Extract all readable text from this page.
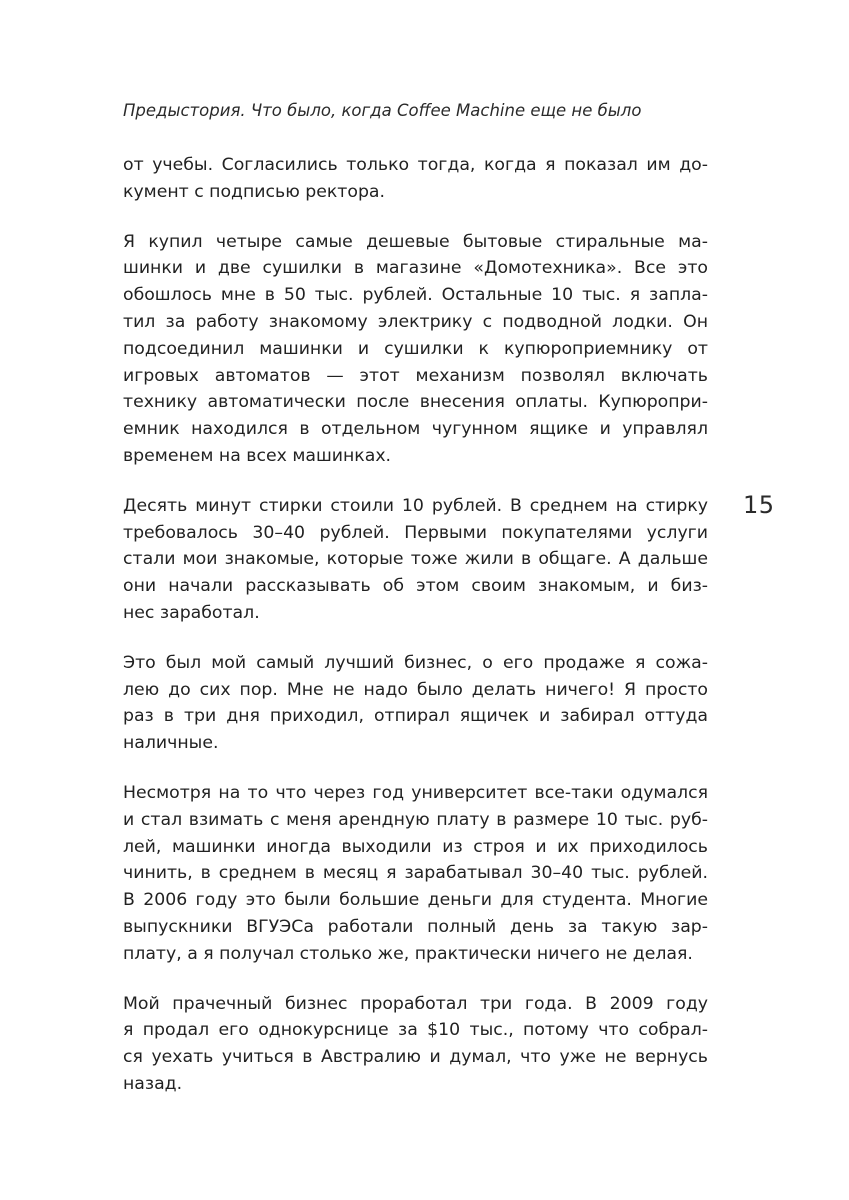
Предыстория. Что было, когда Coffee Machine еще не было

от учебы. Согласились только тогда, когда я показал им до-
кумент с подписью ректора.

Я купил четыре самые дешевые бытовые стиральные ма-
шинки и две сушилки в магазине «Домотехника». Все это
обошлось мне в 50 тыс. рублей. Остальные 10 тыс. я запла-
тил за работу знакомому электрику с подводной лодки. Он
подсоединил машинки и сушилки к купюроприемнику от
игровых автоматов — этот механизм позволял включать
технику автоматически после внесения оплаты. Купюропри-
емник находился в отдельном чугунном ящике и управлял
временем на всех машинках.

Десять минут стирки стоили 10 рублей. В среднем на стирку
требовалось 30–40 рублей. Первыми покупателями услуги
стали мои знакомые, которые тоже жили в общаге. А дальше
они начали рассказывать об этом своим знакомым, и биз-
нес заработал.

Это был мой самый лучший бизнес, о его продаже я сожа-
лею до сих пор. Мне не надо было делать ничего! Я просто
раз в три дня приходил, отпирал ящичек и забирал оттуда
наличные.

Несмотря на то что через год университет все-таки одумался
и стал взимать с меня арендную плату в размере 10 тыс. руб-
лей, машинки иногда выходили из строя и их приходилось
чинить, в среднем в месяц я зарабатывал 30–40 тыс. рублей.
В 2006 году это были большие деньги для студента. Многие
выпускники ВГУЭСа работали полный день за такую зар-
плату, а я получал столько же, практически ничего не делая.

Мой прачечный бизнес проработал три года. В 2009 году
я продал его однокурснице за $10 тыс., потому что собрал-
ся уехать учиться в Австралию и думал, что уже не вернусь
назад.

15
